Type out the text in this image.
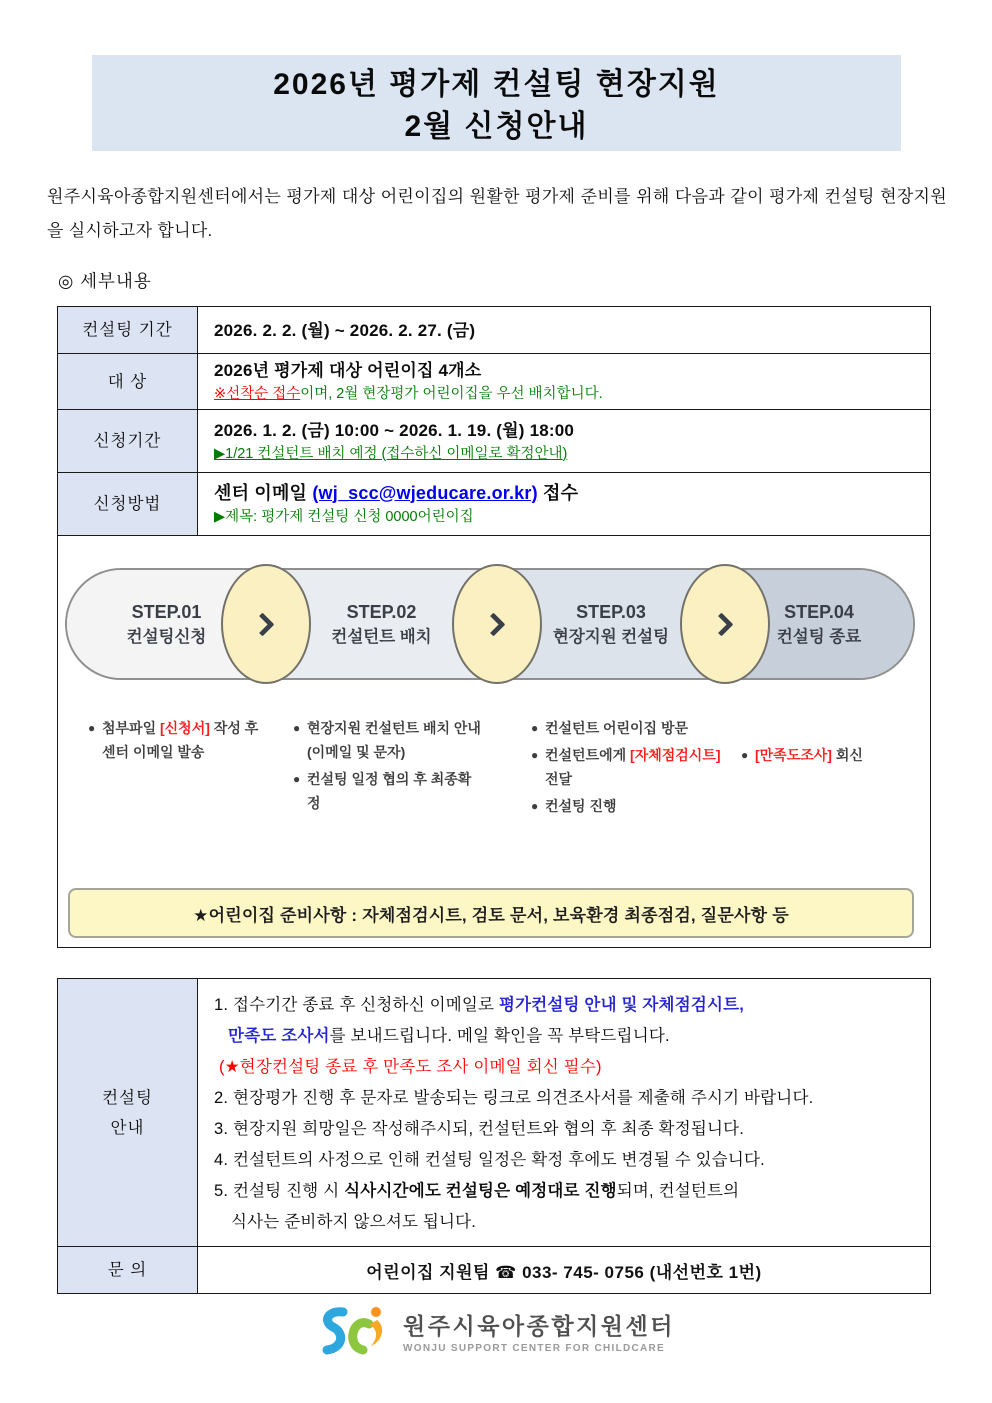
2026년 평가제 컨설팅 현장지원
2월 신청안내

원주시육아종합지원센터에서는 평가제 대상 어린이집의 원활한 평가제 준비를 위해 다음과 같이 평가제 컨설팅 현장지원을 실시하고자 합니다.

◎ 세부내용
컨설팅 기간	2026. 2. 2. (월) ~ 2026. 2. 27. (금)
대 상
2026년 평가제 대상 어린이집 4개소
※선착순 접수이며, 2월 현장평가 어린이집을 우선 배치합니다.
신청기간
2026. 1. 2. (금) 10:00 ~ 2026. 1. 19. (월) 18:00
▶1/21 컨설턴트 배치 예정 (접수하신 이메일로 확정안내)
신청방법
센터 이메일 (wj_scc@wjeducare.or.kr) 접수
▶제목: 평가제 컨설팅 신청 0000어린이집
STEP.01
컨설팅신청
STEP.02
컨설턴트 배치
STEP.03
현장지원 컨설팅
STEP.04
컨설팅 종료
● 첨부파일 [신청서] 작성 후 센터 이메일 발송
● 현장지원 컨설턴트 배치 안내 (이메일 및 문자)
● 컨설팅 일정 협의 후 최종확정
● 컨설턴트 어린이집 방문
● 컨설턴트에게 [자체점검시트] 전달
● 컨설팅 진행
● [만족도조사] 회신
★어린이집 준비사항 : 자체점검시트, 검토 문서, 보육환경 최종점검, 질문사항 등
컨설팅
안내
1. 접수기간 종료 후 신청하신 이메일로 평가컨설팅 안내 및 자체점검시트,
만족도 조사서를 보내드립니다. 메일 확인을 꼭 부탁드립니다.
(★현장컨설팅 종료 후 만족도 조사 이메일 회신 필수)
2. 현장평가 진행 후 문자로 발송되는 링크로 의견조사서를 제출해 주시기 바랍니다.
3. 현장지원 희망일은 작성해주시되, 컨설턴트와 협의 후 최종 확정됩니다.
4. 컨설턴트의 사정으로 인해 컨설팅 일정은 확정 후에도 변경될 수 있습니다.
5. 컨설팅 진행 시 식사시간에도 컨설팅은 예정대로 진행되며, 컨설턴트의
식사는 준비하지 않으셔도 됩니다.
문 의	어린이집 지원팀 ☎ 033- 745- 0756 (내선번호 1번)
원주시육아종합지원센터
WONJU SUPPORT CENTER FOR CHILDCARE
